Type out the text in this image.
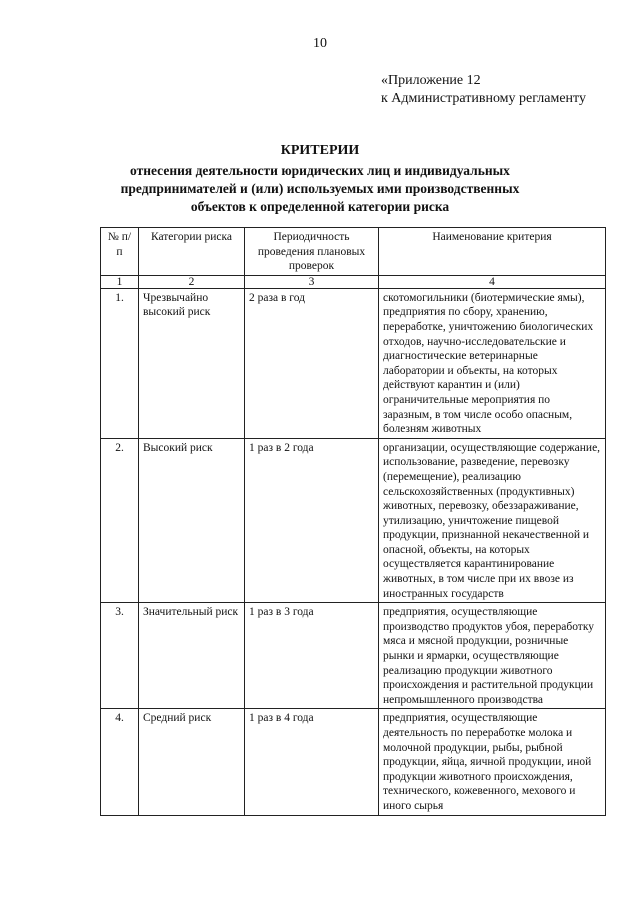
10
«Приложение 12
к Административному регламенту
КРИТЕРИИ
отнесения деятельности юридических лиц и индивидуальных
предпринимателей и (или) используемых ими производственных
объектов к определенной категории риска
№ п/п	Категории риска	Периодичность проведения плановых проверок	Наименование критерия
1	2	3	4
1.	Чрезвычайно высокий риск	2 раза в год	скотомогильники (биотермические ямы), предприятия по сбору, хранению, переработке, уничтожению биологических отходов, научно-исследовательские и диагностические ветеринарные лаборатории и объекты, на которых действуют карантин и (или) ограничительные мероприятия по заразным, в том числе особо опасным, болезням животных
2.	Высокий риск	1 раз в 2 года	организации, осуществляющие содержание, использование, разведение, перевозку (перемещение), реализацию сельскохозяйственных (продуктивных) животных, перевозку, обеззараживание, утилизацию, уничтожение пищевой продукции, признанной некачественной и опасной, объекты, на которых осуществляется карантинирование животных, в том числе при их ввозе из иностранных государств
3.	Значительный риск	1 раз в 3 года	предприятия, осуществляющие производство продуктов убоя, переработку мяса и мясной продукции, розничные рынки и ярмарки, осуществляющие реализацию продукции животного происхождения и растительной продукции непромышленного производства
4.	Средний риск	1 раз в 4 года	предприятия, осуществляющие деятельность по переработке молока и молочной продукции, рыбы, рыбной продукции, яйца, яичной продукции, иной продукции животного происхождения, технического, кожевенного, мехового и иного сырья
